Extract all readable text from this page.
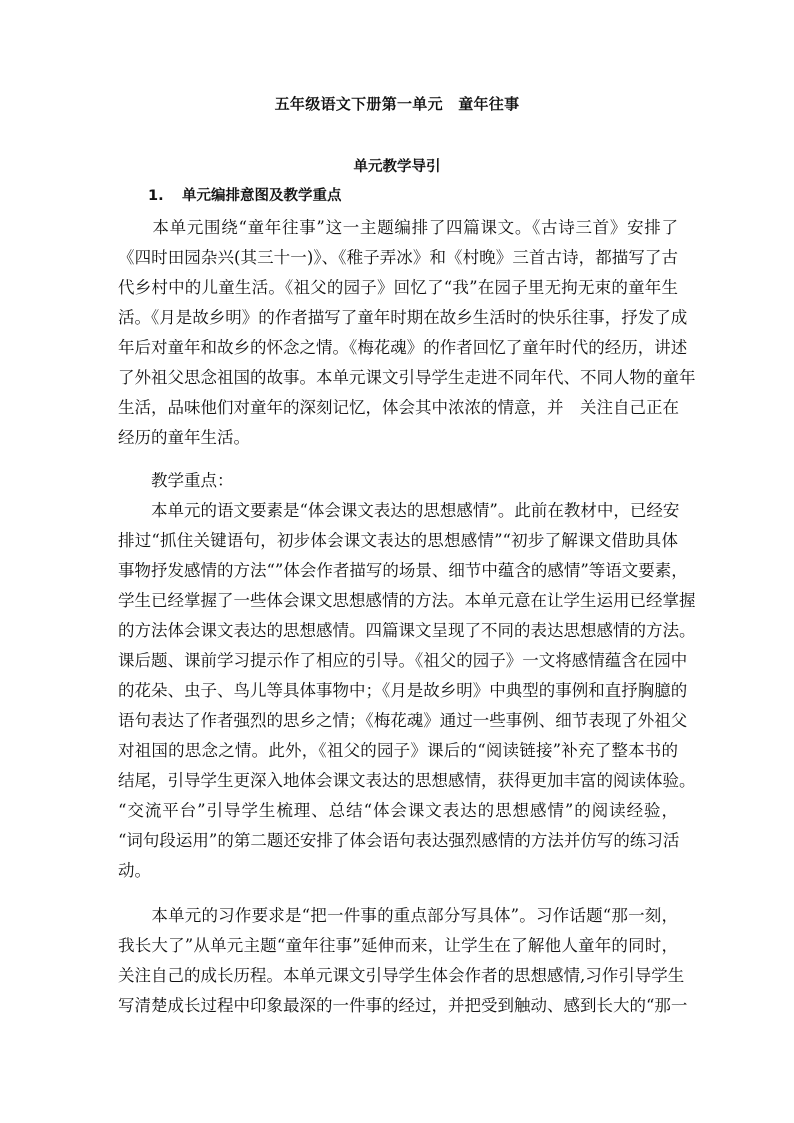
五年级语文下册第一单元　童年往事
单元教学导引
1. 单元编排意图及教学重点
　　本单元围绕“童年往事”这一主题编排了四篇课文。《古诗三首》安排了
《四时田园杂兴(其三十一)》、《稚子弄冰》和《村晚》三首古诗，都描写了古
代乡村中的儿童生活。《祖父的园子》回忆了“我”在园子里无拘无束的童年生
活。《月是故乡明》的作者描写了童年时期在故乡生活时的快乐往事，抒发了成
年后对童年和故乡的怀念之情。《梅花魂》的作者回忆了童年时代的经历，讲述
了外祖父思念祖国的故事。本单元课文引导学生走进不同年代、不同人物的童年
生活，品味他们对童年的深刻记忆，体会其中浓浓的情意，并　关注自己正在
经历的童年生活。
　　教学重点：
　　本单元的语文要素是“体会课文表达的思想感情”。此前在教材中，已经安
排过“抓住关键语句，初步体会课文表达的思想感情”“初步了解课文借助具体
事物抒发感情的方法“”体会作者描写的场景、细节中蕴含的感情”等语文要素，
学生已经掌握了一些体会课文思想感情的方法。本单元意在让学生运用已经掌握
的方法体会课文表达的思想感情。四篇课文呈现了不同的表达思想感情的方法。
课后题、课前学习提示作了相应的引导。《祖父的园子》一文将感情蕴含在园中
的花朵、虫子、鸟儿等具体事物中；《月是故乡明》中典型的事例和直抒胸臆的
语句表达了作者强烈的思乡之情；《梅花魂》通过一些事例、细节表现了外祖父
对祖国的思念之情。此外，《祖父的园子》课后的“阅读链接”补充了整本书的
结尾，引导学生更深入地体会课文表达的思想感情，获得更加丰富的阅读体验。
“交流平台”引导学生梳理、总结“体会课文表达的思想感情”的阅读经验，
“词句段运用”的第二题还安排了体会语句表达强烈感情的方法并仿写的练习活
动。
　　本单元的习作要求是“把一件事的重点部分写具体”。习作话题“那一刻，
我长大了”从单元主题“童年往事”延伸而来，让学生在了解他人童年的同时，
关注自己的成长历程。本单元课文引导学生体会作者的思想感情,习作引导学生
写清楚成长过程中印象最深的一件事的经过，并把受到触动、感到长大的“那一
